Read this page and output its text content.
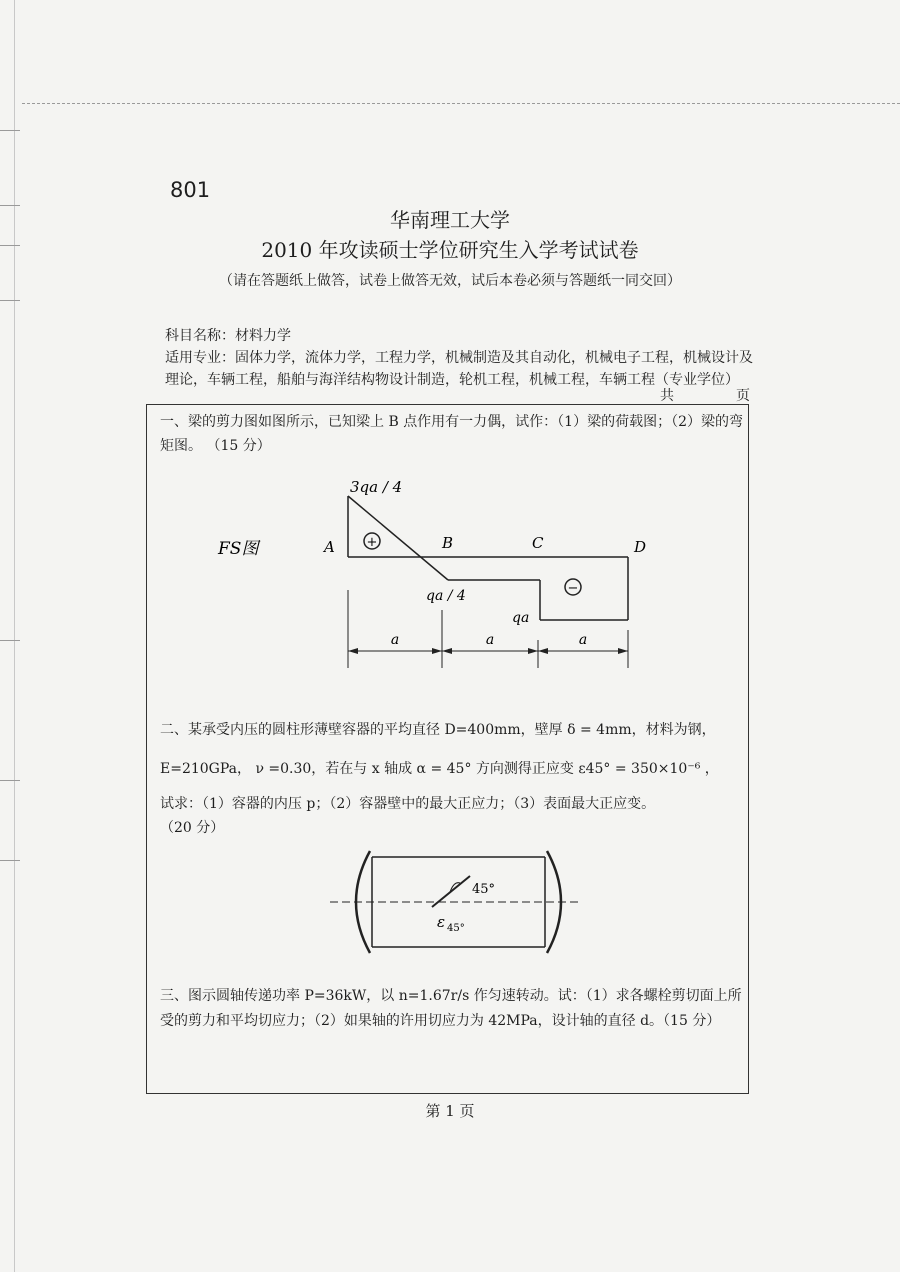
801
华南理工大学
2010 年攻读硕士学位研究生入学考试试卷
（请在答题纸上做答，试卷上做答无效，试后本卷必须与答题纸一同交回）
科目名称：材料力学
适用专业：固体力学，流体力学，工程力学，机械制造及其自动化，机械电子工程，机械设计及理论，车辆工程，船舶与海洋结构物设计制造，轮机工程，机械工程，车辆工程（专业学位）
共	页
一、梁的剪力图如图所示，已知梁上 B 点作用有一力偶，试作：（1）梁的荷载图；（2）梁的弯矩图。 （15 分）
FS图
3qa / 4
qa / 4
qa
A	B	C	D
+
−
a	a	a
二、某承受内压的圆柱形薄壁容器的平均直径 D=400mm，壁厚 δ = 4mm，材料为钢，
E=210GPa， ν =0.30，若在与 x 轴成 α = 45° 方向测得正应变 ε45° = 350×10⁻⁶ ，
试求：（1）容器的内压 p；（2）容器壁中的最大正应力；（3）表面最大正应变。
（20 分）
45°
ε 45°
三、图示圆轴传递功率 P=36kW，以 n=1.67r/s 作匀速转动。试：（1）求各螺栓剪切面上所受的剪力和平均切应力；（2）如果轴的许用切应力为 42MPa，设计轴的直径 d。（15 分）
第 1 页
